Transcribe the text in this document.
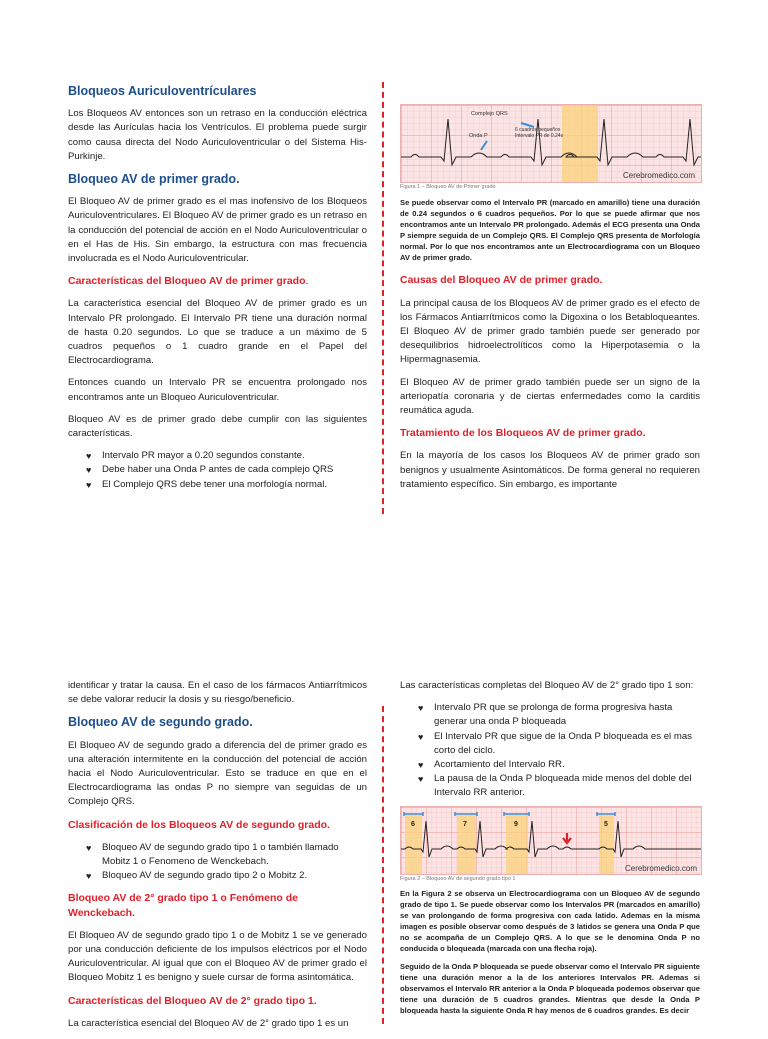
Bloqueos Auriculoventrículares

Los Bloqueos AV entonces son un retraso en la conducción eléctrica desde las Aurículas hacia los Ventrículos. El problema puede surgir como causa directa del Nodo Auriculoventricular o del Sistema His-Purkinje.

Bloqueo AV de primer grado.

El Bloqueo AV de primer grado es el mas inofensivo de los Bloqueos Auriculoventriculares. El Bloqueo AV de primer grado es un retraso en la conducción del potencial de acción en el Nodo Auriculoventricular o en el Has de His. Sin embargo, la estructura con mas frecuencia involucrada es el Nodo Auriculoventricular.

Características del Bloqueo AV de primer grado.

La característica esencial del Bloqueo AV de primer grado es un Intervalo PR prolongado. El Intervalo PR tiene una duración normal de hasta 0.20 segundos. Lo que se traduce a un máximo de 5 cuadros pequeños o 1 cuadro grande en el Papel del Electrocardiograma.

Entonces cuando un Intervalo PR se encuentra prolongado nos encontramos ante un Bloqueo Auriculoventricular.

Bloqueo AV es de primer grado debe cumplir con las siguientes características.

♥ Intervalo PR mayor a 0.20 segundos constante.
♥ Debe haber una Onda P antes de cada complejo QRS
♥ El Complejo QRS debe tener una morfología normal.
Complejo QRS
Onda P
6 cuadros pequeños
Intervalo PR de 0.24s
Cerebromedico.com
Figura 1 – Bloqueo AV de Primer grado

Se puede observar como el Intervalo PR (marcado en amarillo) tiene una duración de 0.24 segundos o 6 cuadros pequeños. Por lo que se puede afirmar que nos encontramos ante un Intervalo PR prolongado. Además el ECG presenta una Onda P siempre seguida de un Complejo QRS. El Complejo QRS presenta de Morfología normal. Por lo que nos encontramos ante un Electrocardiograma con un Bloqueo AV de primer grado.

Causas del Bloqueo AV de primer grado.

La principal causa de los Bloqueos AV de primer grado es el efecto de los Fármacos Antiarrítmicos como la Digoxina o los Betabloqueantes. El Bloqueo AV de primer grado también puede ser generado por desequilibrios hidroelectrolíticos como la Hiperpotasemia o la Hipermagnasemia.

El Bloqueo AV de primer grado también puede ser un signo de la arteriopatía coronaria y de ciertas enfermedades como la carditis reumática aguda.

Tratamiento de los Bloqueos AV de primer grado.

En la mayoría de los casos los Bloqueos AV de primer grado son benignos y usualmente Asintomáticos. De forma general no requieren tratamiento específico. Sin embargo, es importante

identificar y tratar la causa. En el caso de los fármacos Antiarrítmicos se debe valorar reducir la dosis y su riesgo/beneficio.

Bloqueo AV de segundo grado.

El Bloqueo AV de segundo grado a diferencia del de primer grado es una alteración intermitente en la conducción del potencial de acción hacia el Nodo Auriculoventricular. Esto se traduce en que en el Electrocardiograma las ondas P no siempre van seguidas de un Complejo QRS.

Clasificación de los Bloqueos AV de segundo grado.
♥ Bloqueo AV de segundo grado tipo 1 o también llamado Mobitz 1 o Fenomeno de Wenckebach.
♥ Bloqueo AV de segundo grado tipo 2 o Mobitz 2.
Bloqueo AV de 2° grado tipo 1 o Fenómeno de Wenckebach.

El Bloqueo AV de segundo grado tipo 1 o de Mobitz 1 se ve generado por una conducción deficiente de los impulsos eléctricos por el Nodo Auriculoventricular. Al igual que con el Bloqueo AV de primer grado el Bloqueo Mobitz 1 es benigno y suele cursar de forma asintomática.

Características del Bloqueo AV de 2° grado tipo 1.

La característica esencial del Bloqueo AV de 2° grado tipo 1 es un

Las características completas del Bloqueo AV de 2° grado tipo 1 son:

♥ Intervalo PR que se prolonga de forma progresiva hasta generar una onda P bloqueada
♥ El Intervalo PR que sigue de la Onda P bloqueada es el mas corto del ciclo.
♥ Acortamiento del Intervalo RR.
♥ La pausa de la Onda P bloqueada mide menos del doble del Intervalo RR anterior.
6	7	9	5
Cerebromedico.com
Figura 2 – Bloqueo AV de segundo grado tipo 1

En la Figura 2 se observa un Electrocardiograma con un Bloqueo AV de segundo grado de tipo 1. Se puede observar como los Intervalos PR (marcados en amarillo) se van prolongando de forma progresiva con cada latido. Ademas en la misma imagen es posible observar como después de 3 latidos se genera una Onda P que no se acompaña de un Complejo QRS. A lo que se le denomina Onda P no conducida o bloqueada (marcada con una flecha roja).

Seguido de la Onda P bloqueada se puede observar como el Intervalo PR siguiente tiene una duración menor a la de los anteriores Intervalos PR. Ademas si observamos el Intervalo RR anterior a la Onda P bloqueada podemos observar que tiene una duración de 5 cuadros grandes. Mientras que desde la Onda P bloqueada hasta la siguiente Onda R hay menos de 6 cuadros grandes. Es decir
